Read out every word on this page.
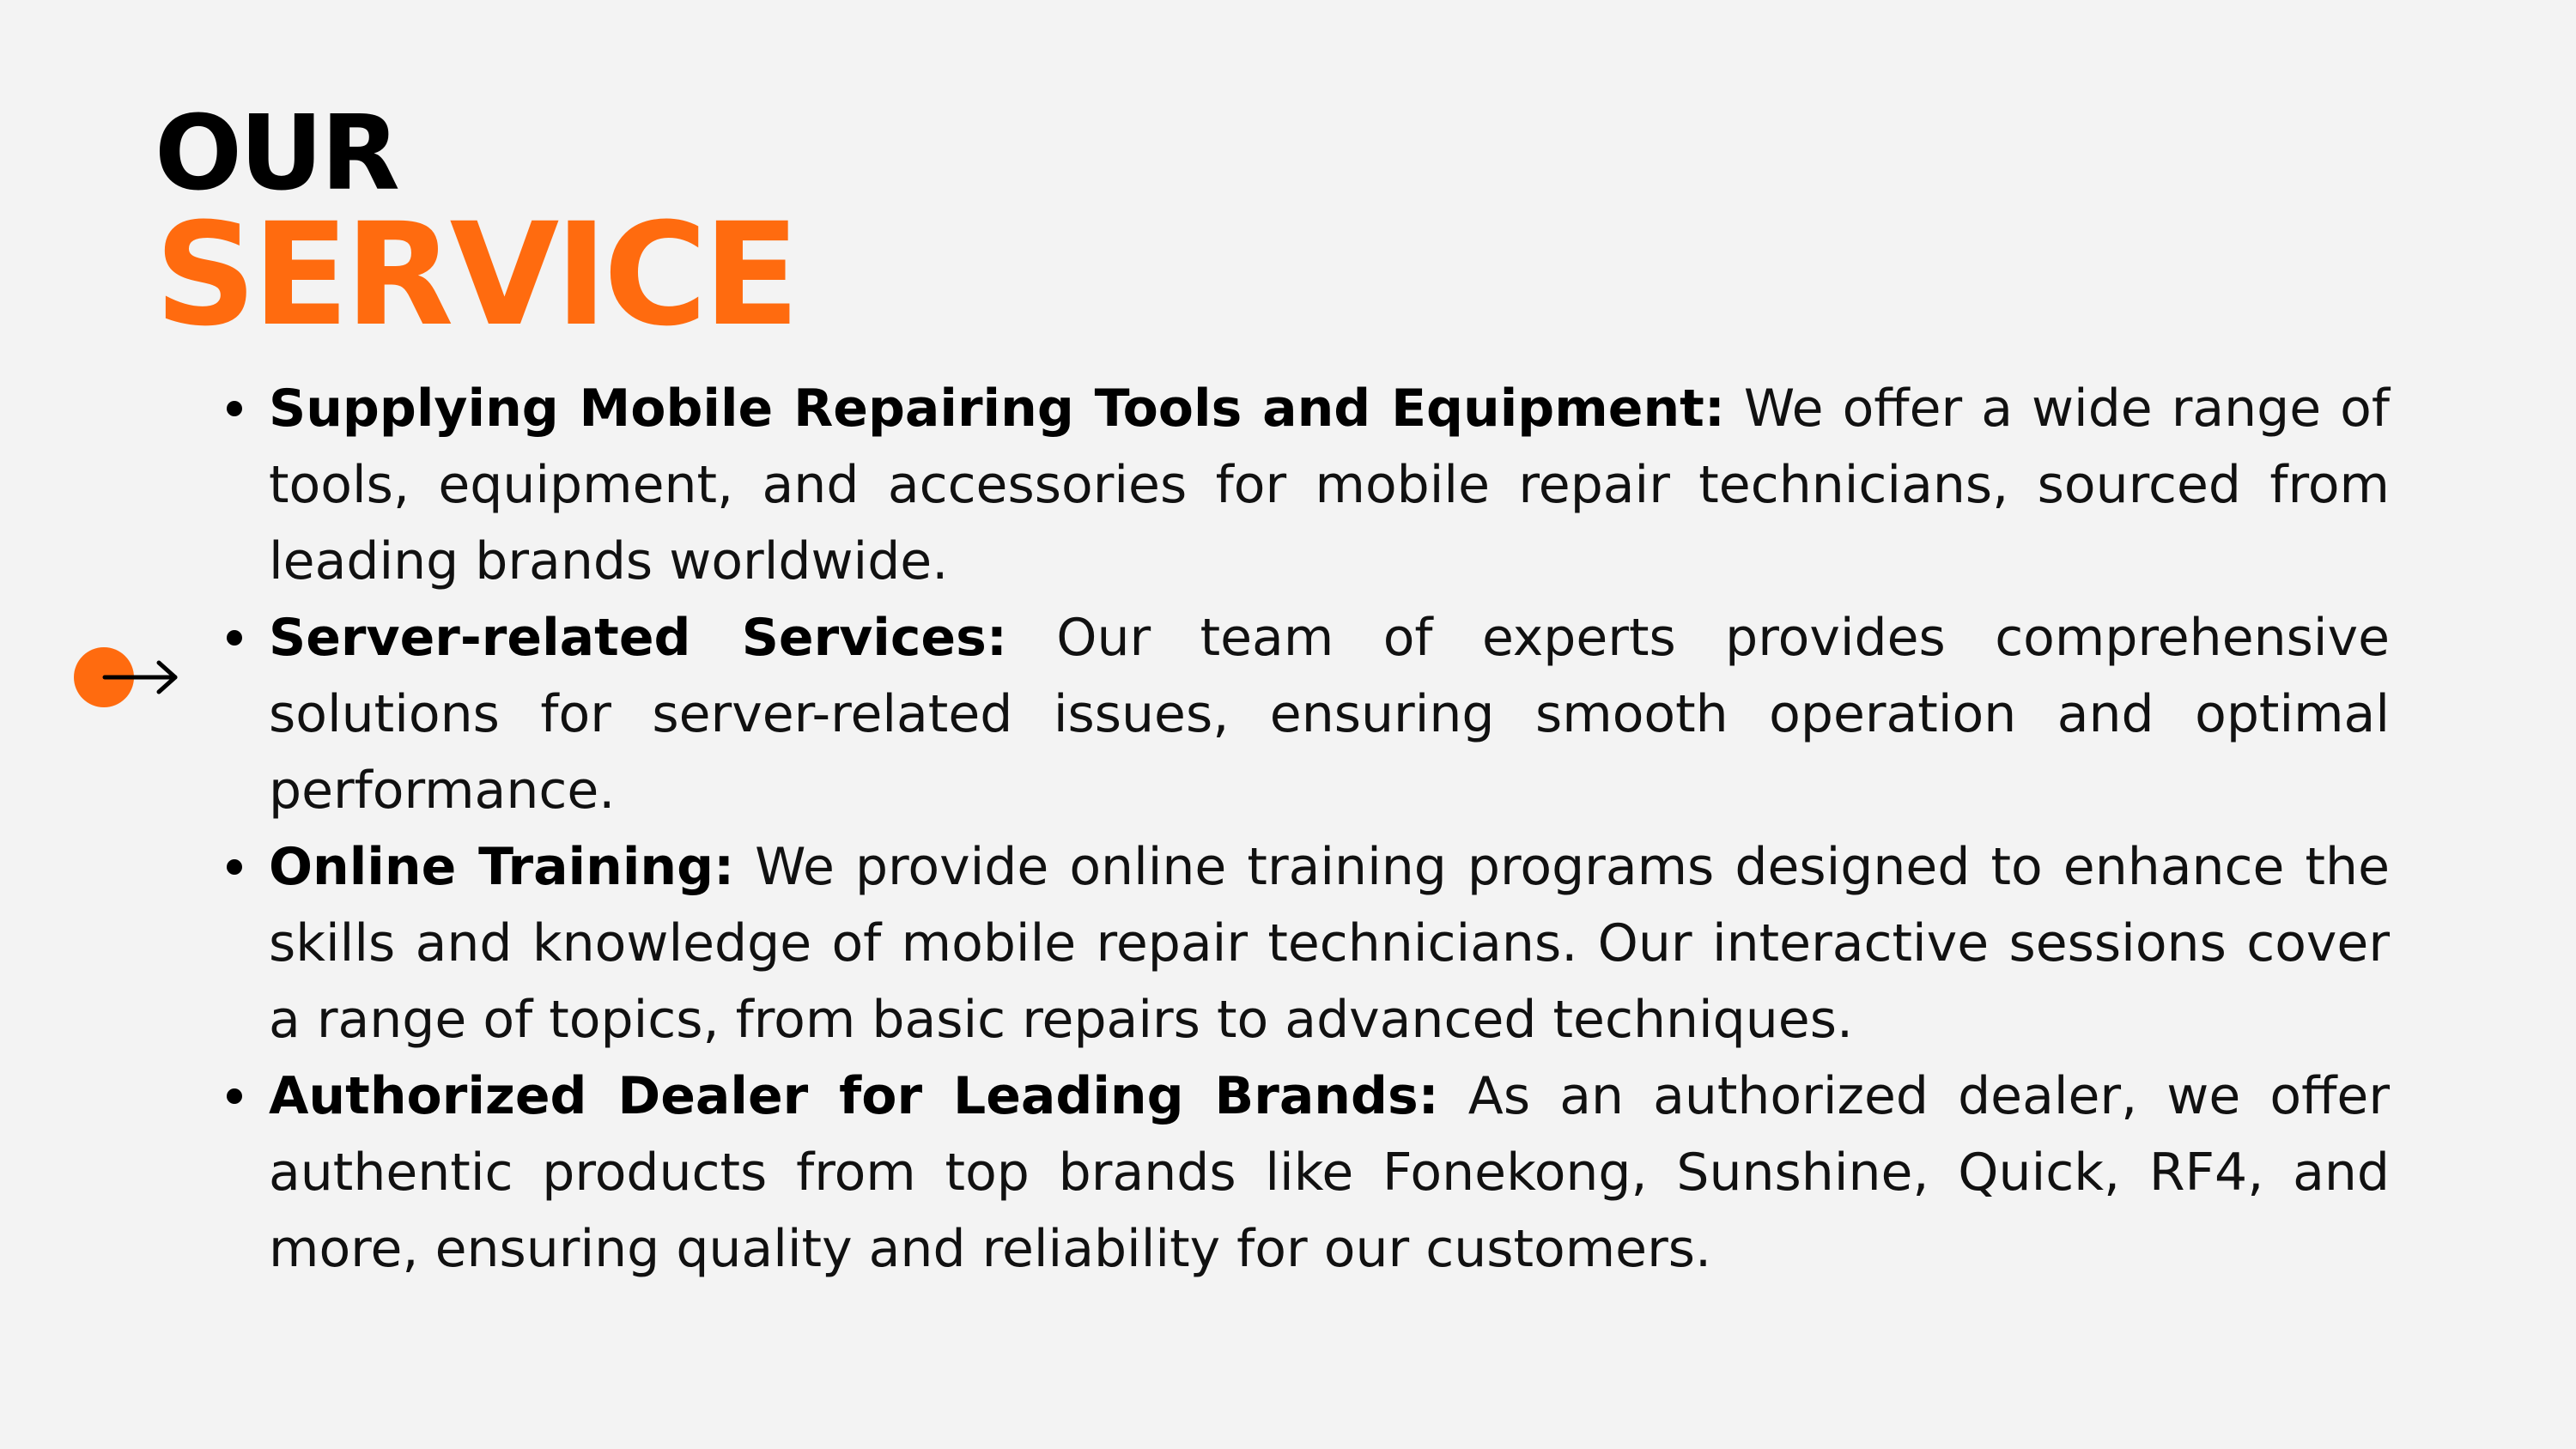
OUR
SERVICE
Supplying Mobile Repairing Tools and Equipment: We offer a wide range of tools, equipment, and accessories for mobile repair technicians, sourced from leading brands worldwide.
Server-related Services: Our team of experts provides comprehensive solutions for server-related issues, ensuring smooth operation and optimal performance.
Online Training: We provide online training programs designed to enhance the skills and knowledge of mobile repair technicians. Our interactive sessions cover a range of topics, from basic repairs to advanced techniques.
Authorized Dealer for Leading Brands: As an authorized dealer, we offer authentic products from top brands like Fonekong, Sunshine, Quick, RF4, and more, ensuring quality and reliability for our customers.
